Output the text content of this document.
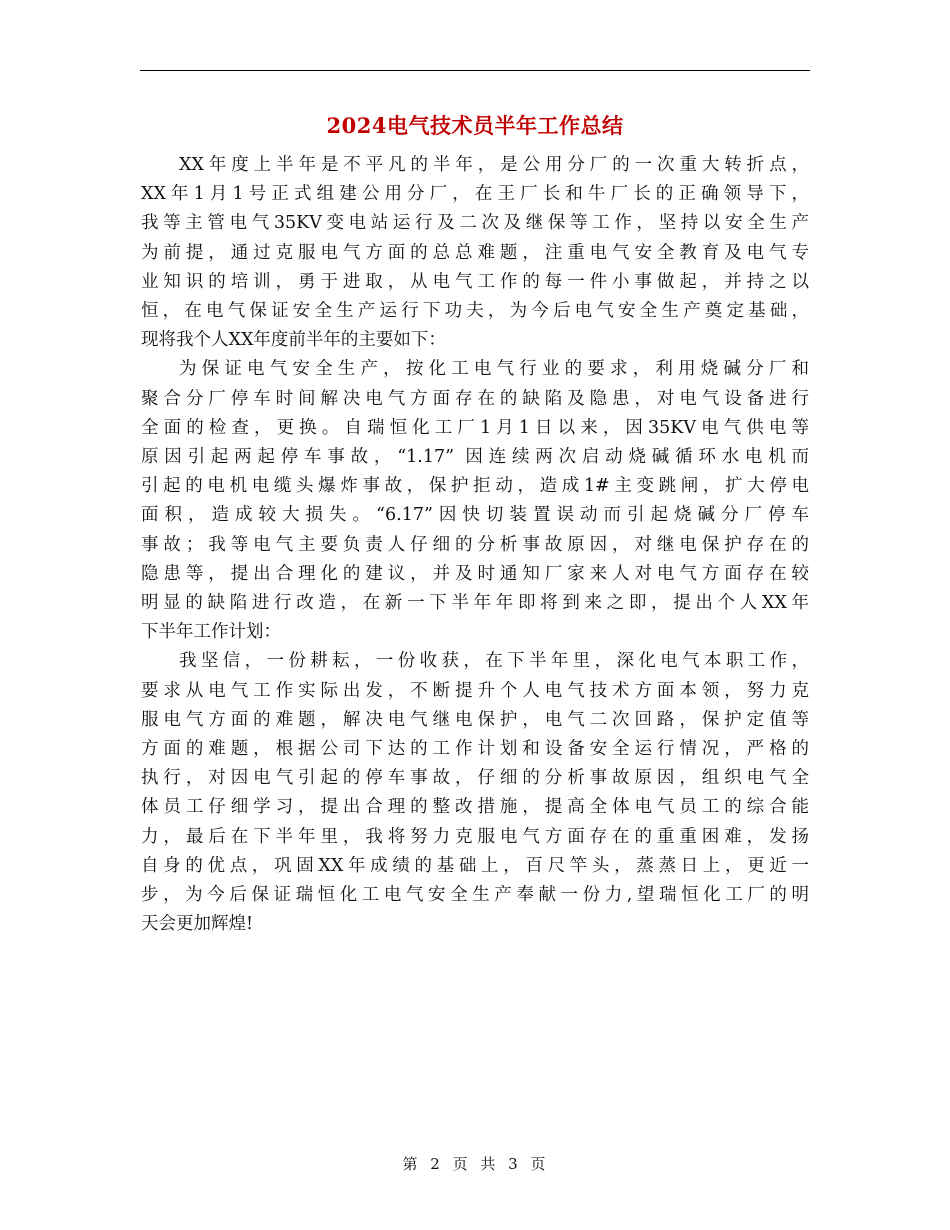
2024电气技术员半年工作总结
XX年度上半年是不平凡的半年，是公用分厂的一次重大转折点，
XX年1月1号正式组建公用分厂，在王厂长和牛厂长的正确领导下，
我等主管电气35KV变电站运行及二次及继保等工作，坚持以安全生产
为前提，通过克服电气方面的总总难题，注重电气安全教育及电气专
业知识的培训，勇于进取，从电气工作的每一件小事做起，并持之以
恒，在电气保证安全生产运行下功夫，为今后电气安全生产奠定基础，
现将我个人XX年度前半年的主要如下：
为保证电气安全生产，按化工电气行业的要求，利用烧碱分厂和
聚合分厂停车时间解决电气方面存在的缺陷及隐患，对电气设备进行
全面的检查，更换。自瑞恒化工厂1月1日以来，因35KV电气供电等
原因引起两起停车事故，“1.17” 因连续两次启动烧碱循环水电机而
引起的电机电缆头爆炸事故，保护拒动，造成1#主变跳闸，扩大停电
面积，造成较大损失。“6.17”因快切装置误动而引起烧碱分厂停车
事故；我等电气主要负责人仔细的分析事故原因，对继电保护存在的
隐患等，提出合理化的建议，并及时通知厂家来人对电气方面存在较
明显的缺陷进行改造，在新一下半年年即将到来之即，提出个人XX年
下半年工作计划：
我坚信，一份耕耘，一份收获，在下半年里，深化电气本职工作，
要求从电气工作实际出发，不断提升个人电气技术方面本领，努力克
服电气方面的难题，解决电气继电保护，电气二次回路，保护定值等
方面的难题，根据公司下达的工作计划和设备安全运行情况，严格的
执行，对因电气引起的停车事故，仔细的分析事故原因，组织电气全
体员工仔细学习，提出合理的整改措施，提高全体电气员工的综合能
力，最后在下半年里，我将努力克服电气方面存在的重重困难，发扬
自身的优点，巩固XX年成绩的基础上，百尺竿头，蒸蒸日上，更近一
步，为今后保证瑞恒化工电气安全生产奉献一份力,望瑞恒化工厂的明
天会更加辉煌!
第 2 页 共 3 页
